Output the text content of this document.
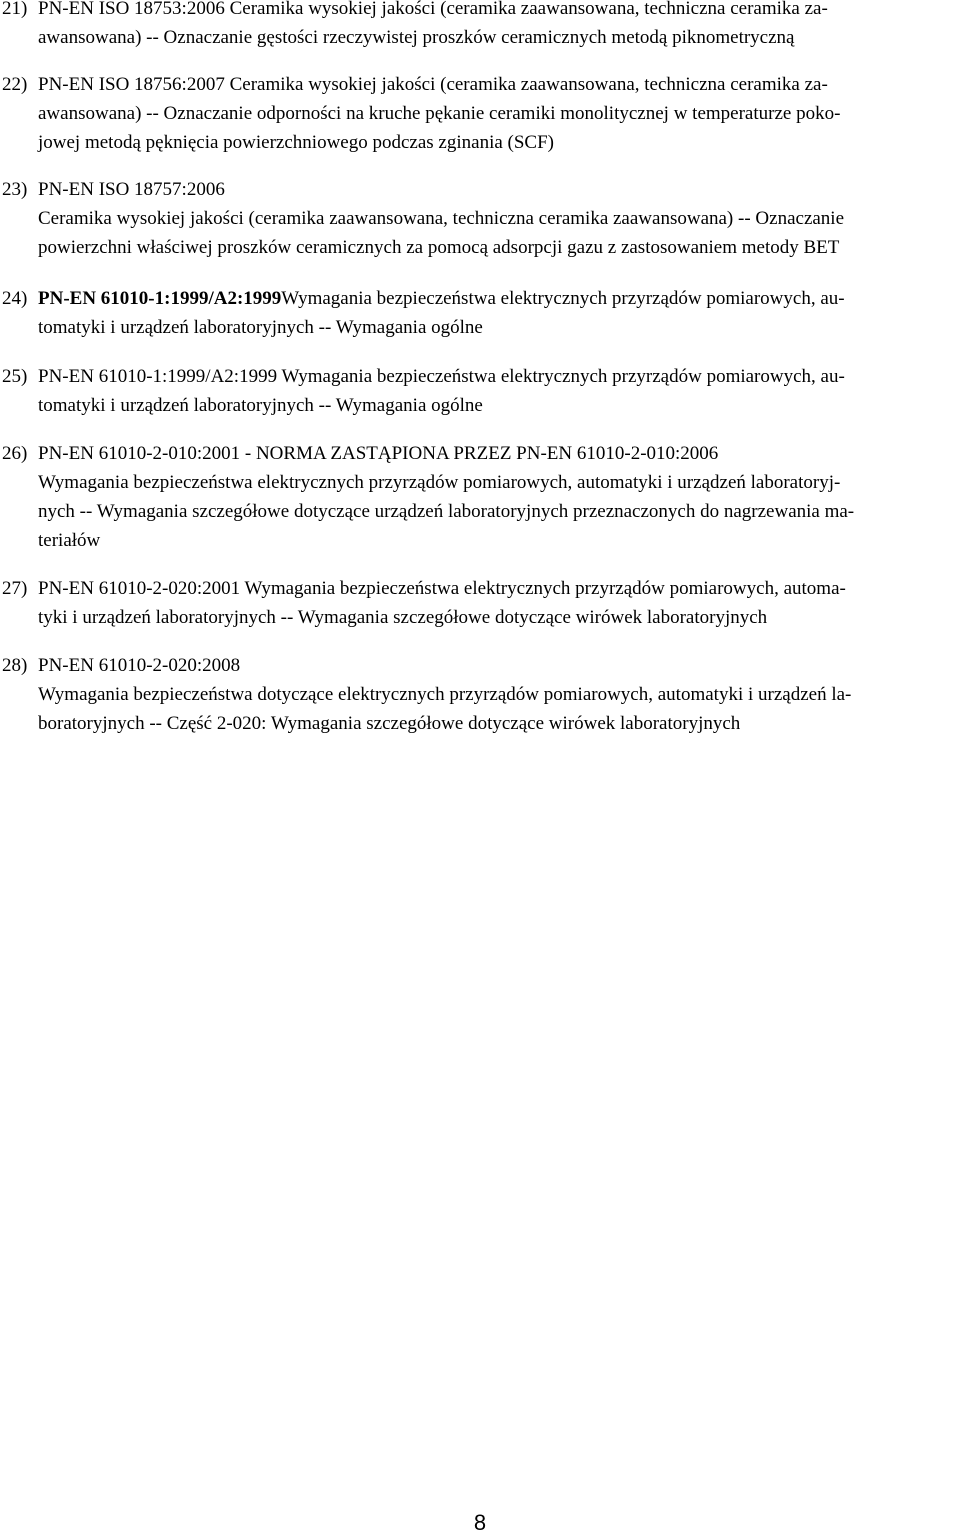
21) PN-EN ISO 18753:2006 Ceramika wysokiej jakości (ceramika zaawansowana, techniczna ceramika za-
awansowana) -- Oznaczanie gęstości rzeczywistej proszków ceramicznych metodą piknometryczną
22) PN-EN ISO 18756:2007 Ceramika wysokiej jakości (ceramika zaawansowana, techniczna ceramika za-
awansowana) -- Oznaczanie odporności na kruche pękanie ceramiki monolitycznej w temperaturze poko-
jowej metodą pęknięcia powierzchniowego podczas zginania (SCF)
23) PN-EN ISO 18757:2006
Ceramika wysokiej jakości (ceramika zaawansowana, techniczna ceramika zaawansowana) -- Oznaczanie
powierzchni właściwej proszków ceramicznych za pomocą adsorpcji gazu z zastosowaniem metody BET
24) PN-EN 61010-1:1999/A2:1999Wymagania bezpieczeństwa elektrycznych przyrządów pomiarowych, au-
tomatyki i urządzeń laboratoryjnych -- Wymagania ogólne
25) PN-EN 61010-1:1999/A2:1999 Wymagania bezpieczeństwa elektrycznych przyrządów pomiarowych, au-
tomatyki i urządzeń laboratoryjnych -- Wymagania ogólne
26) PN-EN 61010-2-010:2001 - NORMA ZASTĄPIONA PRZEZ PN-EN 61010-2-010:2006
Wymagania bezpieczeństwa elektrycznych przyrządów pomiarowych, automatyki i urządzeń laboratoryj-
nych -- Wymagania szczegółowe dotyczące urządzeń laboratoryjnych przeznaczonych do nagrzewania ma-
teriałów
27) PN-EN 61010-2-020:2001 Wymagania bezpieczeństwa elektrycznych przyrządów pomiarowych, automa-
tyki i urządzeń laboratoryjnych -- Wymagania szczegółowe dotyczące wirówek laboratoryjnych
28) PN-EN 61010-2-020:2008
Wymagania bezpieczeństwa dotyczące elektrycznych przyrządów pomiarowych, automatyki i urządzeń la-
boratoryjnych -- Część 2-020: Wymagania szczegółowe dotyczące wirówek laboratoryjnych
8
